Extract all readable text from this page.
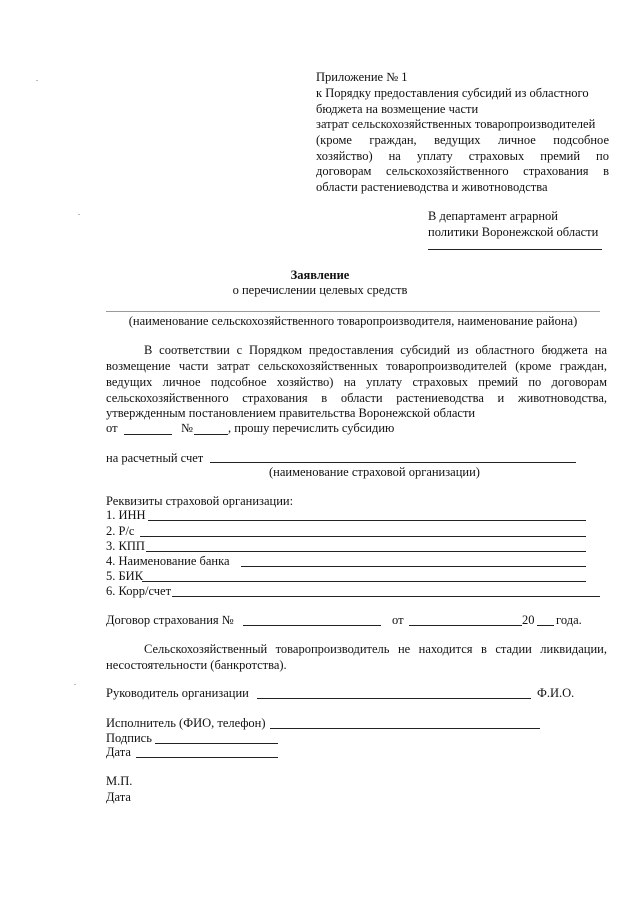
Приложение № 1
к Порядку предоставления субсидий из областного
бюджета на возмещение части
затрат сельскохозяйственных товаропроизводителей
(кроме граждан, ведущих личное подсобное
хозяйство) на уплату страховых премий по
договорам сельскохозяйственного страхования в
области растениеводства и животноводства
В департамент аграрной
политики Воронежской области
Заявление
о перечислении целевых средств
(наименование сельскохозяйственного товаропроизводителя, наименование района)
В соответствии с Порядком предоставления субсидий из областного бюджета на
возмещение части затрат сельскохозяйственных товаропроизводителей (кроме граждан,
ведущих личное подсобное хозяйство) на уплату страховых премий по договорам
сельскохозяйственного страхования в области растениеводства и животноводства,
утвержденным постановлением правительства Воронежской области
от	№	, прошу перечислить субсидию
на расчетный счет
(наименование страховой организации)
Реквизиты страховой организации:
1. ИНН
2. Р/с
3. КПП
4. Наименование банка
5. БИК
6. Корр/счет
Договор страхования №	от	20 года.
Сельскохозяйственный товаропроизводитель не находится в стадии ликвидации,
несостоятельности (банкротства).
Руководитель организации	Ф.И.О.
Исполнитель (ФИО, телефон)
Подпись
Дата
М.П.
Дата
